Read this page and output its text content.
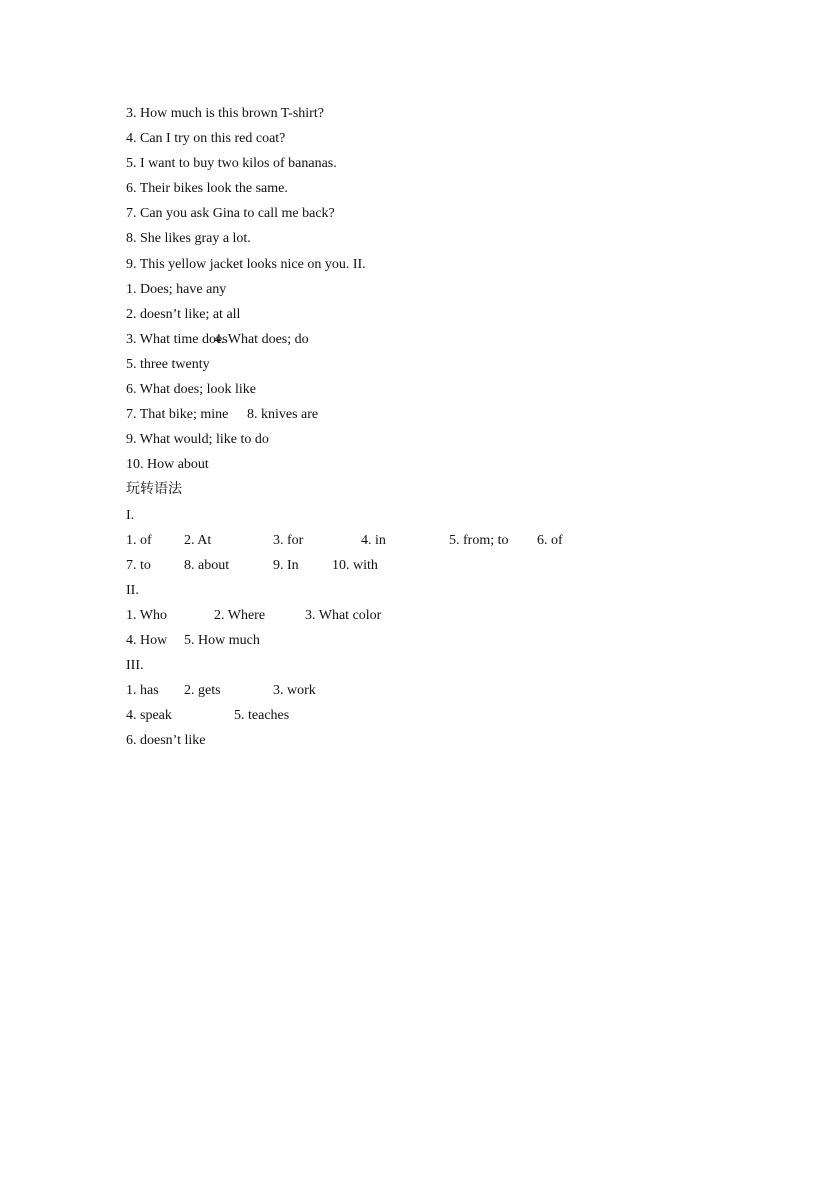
3. How much is this brown T-shirt?
4. Can I try on this red coat?
5. I want to buy two kilos of bananas.
6. Their bikes look the same.
7. Can you ask Gina to call me back?
8. She likes gray a lot.
9. This yellow jacket looks nice on you. II.
1. Does; have any
2. doesn’t like; at all
3. What time does4. What does; do
5. three twenty
6. What does; look like
7. That bike; mine 8. knives are
9. What would; like to do
10. How about
玩转语法
I.
1. of 2. At	3. for	4. in	5. from; to 6. of
7. to 8. about	9. In 10. with
II.
1. Who	2. Where	3. What color
4. How 5. How much
III.
1. has 2. gets	3. work
4. speak	5. teaches
6. doesn’t like
